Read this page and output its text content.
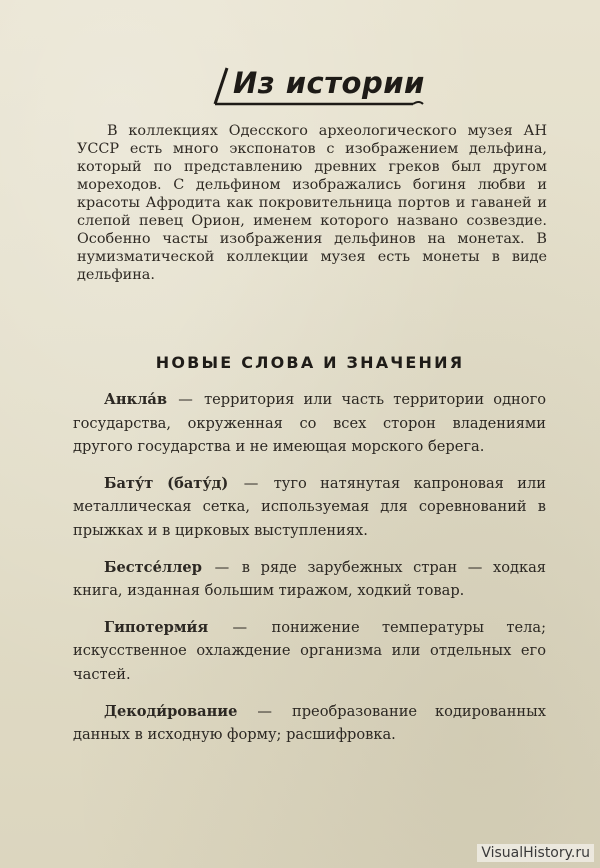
Из истории

В коллекциях Одесского археологического музея АН УССР есть много экспонатов с изображением дельфина, который по представлению древних греков был другом мореходов. С дельфином изображались богиня любви и красоты Афродита как покровительница портов и гаваней и слепой певец Орион, именем которого названо созвездие. Особенно часты изображения дельфинов на монетах. В нумизматической коллекции музея есть монеты в виде дельфина.

НОВЫЕ СЛОВА И ЗНАЧЕНИЯ

Анкла́в — территория или часть территории одного государства, окруженная со всех сторон владениями другого государства и не имеющая морского берега.

Бату́т (бату́д) — туго натянутая капроновая или металлическая сетка, используемая для соревнований в прыжках и в цирковых выступлениях.

Бестсе́ллер — в ряде зарубежных стран — ходкая книга, изданная большим тиражом, ходкий товар.

Гипотерми́я — понижение температуры тела; искусственное охлаждение организма или отдельных его частей.

Декоди́рование — преобразование кодированных данных в исходную форму; расшифровка.

VisualHistory.ru
